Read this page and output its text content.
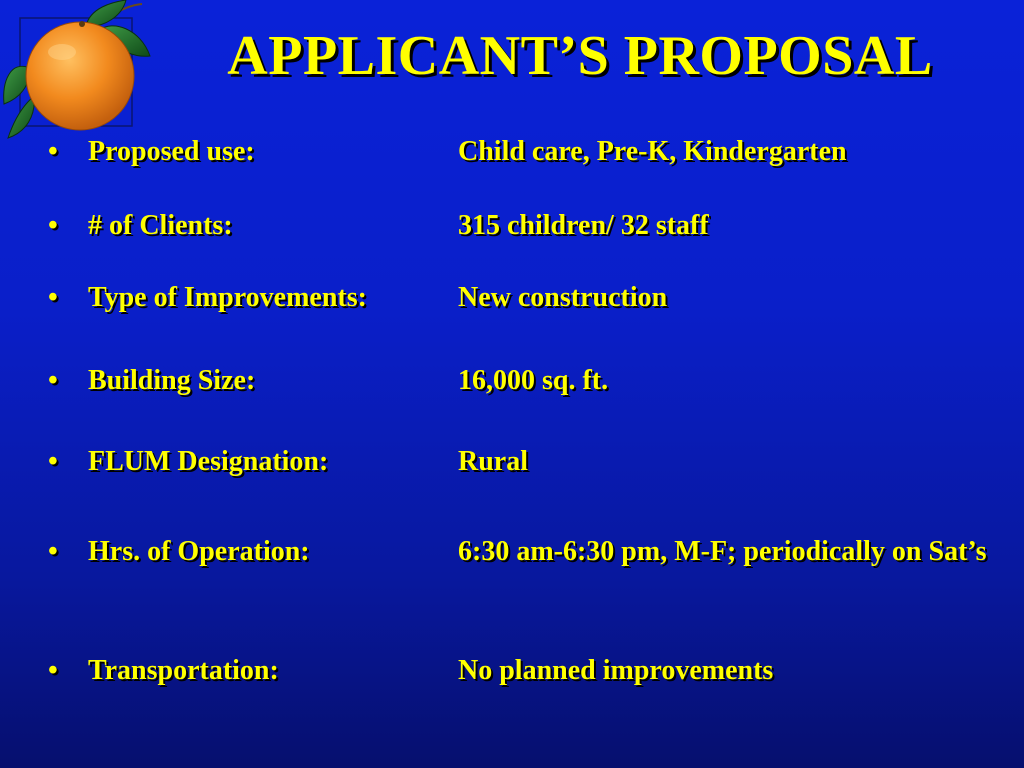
APPLICANT’S PROPOSAL
• Proposed use:	Child care, Pre-K, Kindergarten
• # of Clients:	315 children/ 32 staff
• Type of Improvements:	New construction
• Building Size:	16,000 sq. ft.
• FLUM Designation:	Rural
• Hrs. of Operation:	6:30 am-6:30 pm, M-F; periodically on Sat’s
• Transportation:	No planned improvements
